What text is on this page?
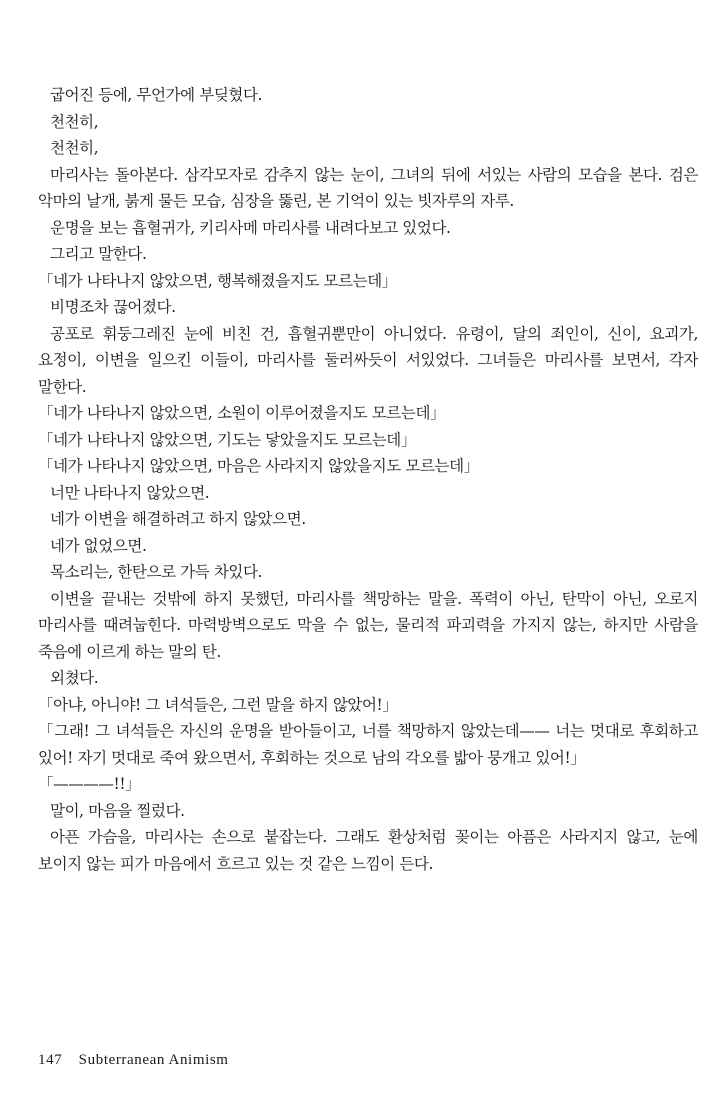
굽어진 등에, 무언가에 부딪혔다.

천천히,

천천히,

마리사는 돌아본다. 삼각모자로 감추지 않는 눈이, 그녀의 뒤에 서있는 사람의 모습을 본다. 검은 악마의 날개, 붉게 물든 모습, 심장을 뚫린, 본 기억이 있는 빗자루의 자루.

운명을 보는 흡혈귀가, 키리사메 마리사를 내려다보고 있었다.

그리고 말한다.

「네가 나타나지 않았으면, 행복해졌을지도 모르는데」

비명조차 끊어졌다.

공포로 휘둥그레진 눈에 비친 건, 흡혈귀뿐만이 아니었다. 유령이, 달의 죄인이, 신이, 요괴가, 요정이, 이변을 일으킨 이들이, 마리사를 둘러싸듯이 서있었다. 그녀들은 마리사를 보면서, 각자 말한다.

「네가 나타나지 않았으면, 소원이 이루어졌을지도 모르는데」

「네가 나타나지 않았으면, 기도는 닿았을지도 모르는데」

「네가 나타나지 않았으면, 마음은 사라지지 않았을지도 모르는데」

너만 나타나지 않았으면.

네가 이변을 해결하려고 하지 않았으면.

네가 없었으면.

목소리는, 한탄으로 가득 차있다.

이변을 끝내는 것밖에 하지 못했던, 마리사를 책망하는 말을. 폭력이 아닌, 탄막이 아닌, 오로지 마리사를 때려눕힌다. 마력방벽으로도 막을 수 없는, 물리적 파괴력을 가지지 않는, 하지만 사람을 죽음에 이르게 하는 말의 탄.

외쳤다.

「아냐, 아니야! 그 녀석들은, 그런 말을 하지 않았어!」

「그래! 그 녀석들은 자신의 운명을 받아들이고, 너를 책망하지 않았는데—— 너는 멋대로 후회하고 있어! 자기 멋대로 죽여 왔으면서, 후회하는 것으로 남의 각오를 밟아 뭉개고 있어!」

「————!!」

말이, 마음을 찔렀다.

아픈 가슴을, 마리사는 손으로 붙잡는다. 그래도 환상처럼 꽂이는 아픔은 사라지지 않고, 눈에 보이지 않는 피가 마음에서 흐르고 있는 것 같은 느낌이 든다.

147 Subterranean Animism
